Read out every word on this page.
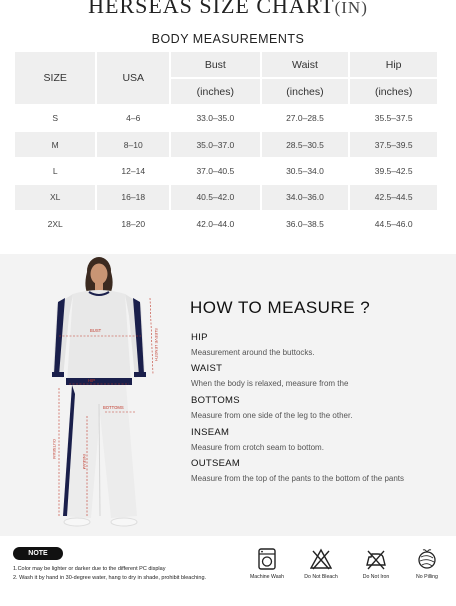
HERSEAS SIZE CHART(IN)
BODY MEASUREMENTS
SIZE	USA	Bust	Waist	Hip
		(inches)	(inches)	(inches)
S	4–6	33.0–35.0	27.0–28.5	35.5–37.5
M	8–10	35.0–37.0	28.5–30.5	37.5–39.5
L	12–14	37.0–40.5	30.5–34.0	39.5–42.5
XL	16–18	40.5–42.0	34.0–36.0	42.5–44.5
2XL	18–20	42.0–44.0	36.0–38.5	44.5–46.0
BUST	SLEEVE LENGTH
HIP
BOTTOMS
OUTSEAM
INSEAM
HOW TO MEASURE ?
HIP
Measurement around the buttocks.
WAIST
When the body is relaxed, measure from the
BOTTOMS
Measure from one side of the leg to the other.
INSEAM
Measure from crotch seam to bottom.
OUTSEAM
Measure from the top of the pants to the bottom of the pants
NOTE
1.Color may be lighter or darker due to the different PC display
2. Wash it by hand in 30-degree water, hang to dry in shade, prohibit bleaching.	Machine Wash	Do Not Bleach	Do Not Iron	No Pilling
